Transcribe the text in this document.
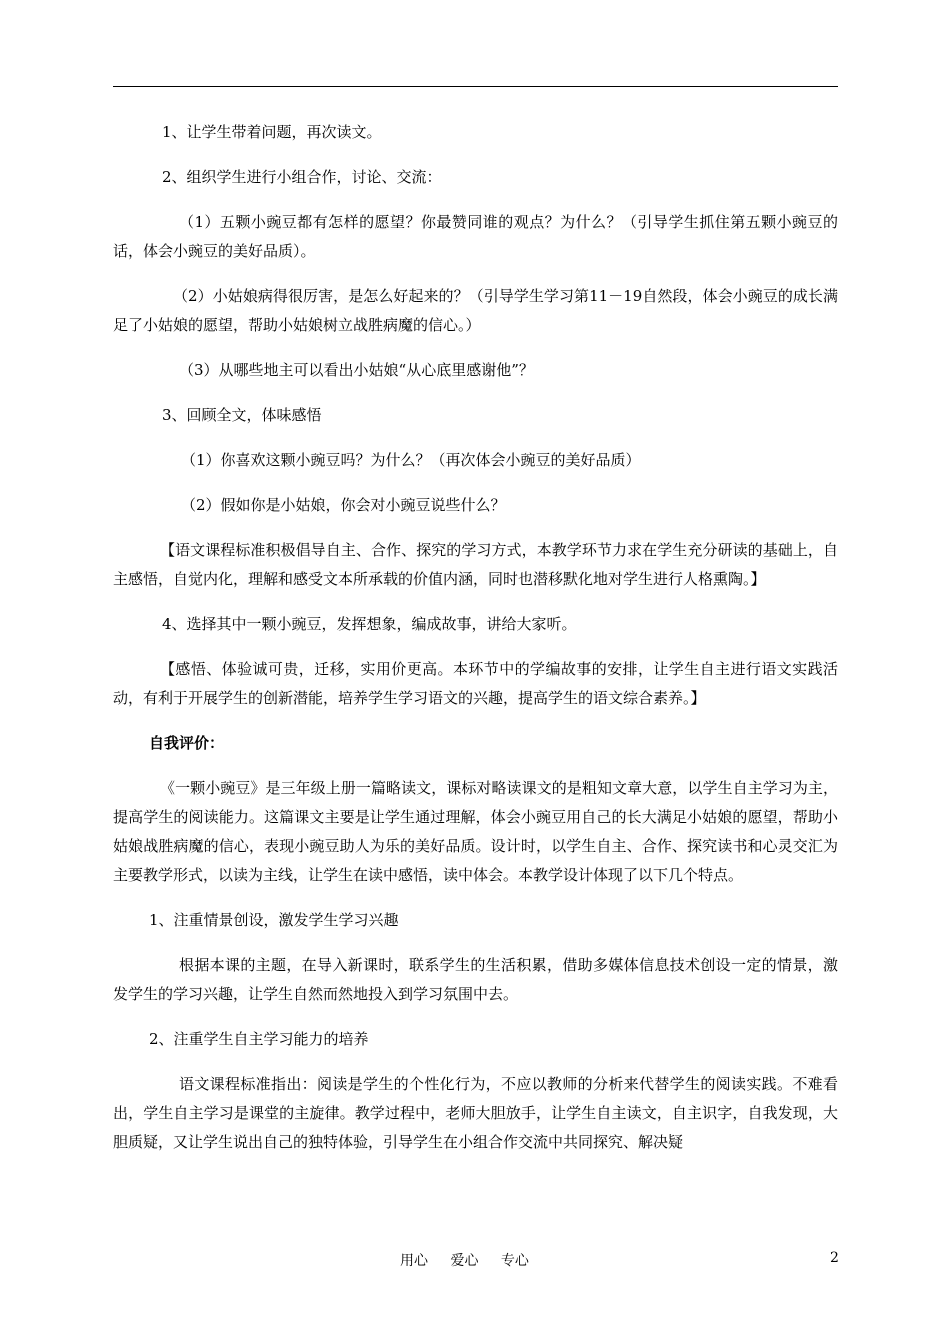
1、让学生带着问题，再次读文。

2、组织学生进行小组合作，讨论、交流：

（1）五颗小豌豆都有怎样的愿望？你最赞同谁的观点？为什么？（引导学生抓住第五颗小豌豆的话，体会小豌豆的美好品质）。

（2）小姑娘病得很厉害，是怎么好起来的？（引导学生学习第11－19自然段，体会小豌豆的成长满足了小姑娘的愿望，帮助小姑娘树立战胜病魔的信心。）

（3）从哪些地主可以看出小姑娘“从心底里感谢他”？

3、回顾全文，体味感悟

（1）你喜欢这颗小豌豆吗？为什么？（再次体会小豌豆的美好品质）

（2）假如你是小姑娘，你会对小豌豆说些什么？

【语文课程标准积极倡导自主、合作、探究的学习方式，本教学环节力求在学生充分研读的基础上，自主感悟，自觉内化，理解和感受文本所承载的价值内涵，同时也潜移默化地对学生进行人格熏陶。】

4、选择其中一颗小豌豆，发挥想象，编成故事，讲给大家听。

【感悟、体验诚可贵，迁移，实用价更高。本环节中的学编故事的安排，让学生自主进行语文实践活动，有利于开展学生的创新潜能，培养学生学习语文的兴趣，提高学生的语文综合素养。】

自我评价：

《一颗小豌豆》是三年级上册一篇略读文，课标对略读课文的是粗知文章大意，以学生自主学习为主，提高学生的阅读能力。这篇课文主要是让学生通过理解，体会小豌豆用自己的长大满足小姑娘的愿望，帮助小姑娘战胜病魔的信心，表现小豌豆助人为乐的美好品质。设计时，以学生自主、合作、探究读书和心灵交汇为主要教学形式，以读为主线，让学生在读中感悟，读中体会。本教学设计体现了以下几个特点。

1、注重情景创设，激发学生学习兴趣

根据本课的主题，在导入新课时，联系学生的生活积累，借助多媒体信息技术创设一定的情景，激发学生的学习兴趣，让学生自然而然地投入到学习氛围中去。

2、注重学生自主学习能力的培养

语文课程标准指出：阅读是学生的个性化行为，不应以教师的分析来代替学生的阅读实践。不难看出，学生自主学习是课堂的主旋律。教学过程中，老师大胆放手，让学生自主读文，自主识字，自我发现，大胆质疑，又让学生说出自己的独特体验，引导学生在小组合作交流中共同探究、解决疑

用心 爱心 专心	2
